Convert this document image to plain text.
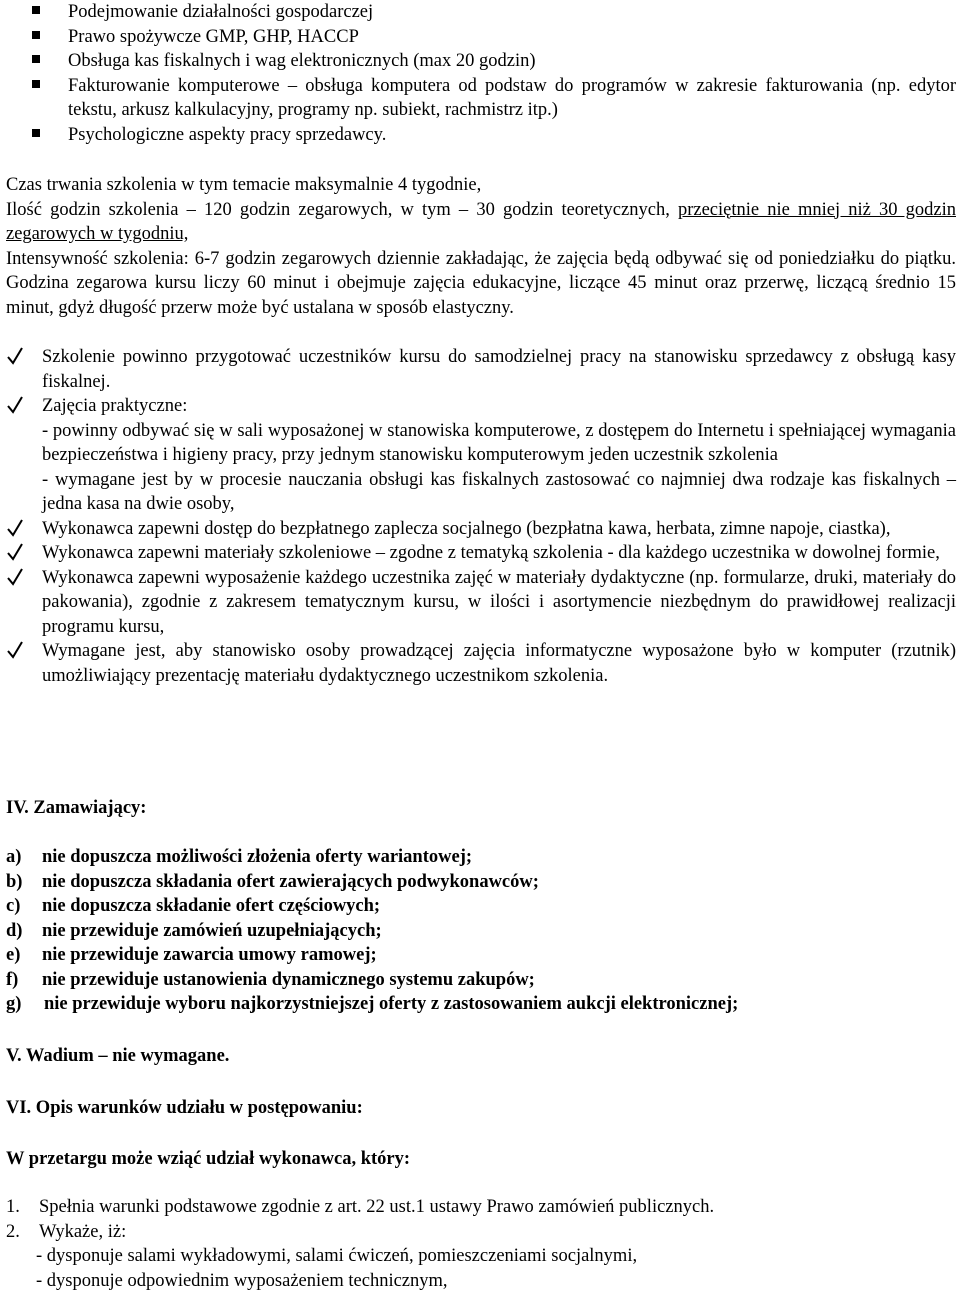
Podejmowanie działalności gospodarczej
Prawo spożywcze GMP, GHP, HACCP
Obsługa kas fiskalnych i wag elektronicznych (max 20 godzin)
Fakturowanie komputerowe – obsługa komputera od podstaw do programów w zakresie fakturowania (np. edytor tekstu, arkusz kalkulacyjny, programy np. subiekt, rachmistrz itp.)
Psychologiczne aspekty pracy sprzedawcy.
Czas trwania szkolenia w tym temacie maksymalnie 4 tygodnie,
Ilość godzin szkolenia – 120 godzin zegarowych, w tym – 30 godzin teoretycznych, przeciętnie nie mniej niż 30 godzin zegarowych w tygodniu,
Intensywność szkolenia: 6-7 godzin zegarowych dziennie zakładając, że zajęcia będą odbywać się od poniedziałku do piątku. Godzina zegarowa kursu liczy 60 minut i obejmuje zajęcia edukacyjne, liczące 45 minut oraz przerwę, liczącą średnio 15 minut, gdyż długość przerw może być ustalana w sposób elastyczny.
Szkolenie powinno przygotować uczestników kursu do samodzielnej pracy na stanowisku sprzedawcy z obsługą kasy fiskalnej.
Zajęcia praktyczne:
- powinny odbywać się w sali wyposażonej w stanowiska komputerowe, z dostępem do Internetu i spełniającej wymagania bezpieczeństwa i higieny pracy, przy jednym stanowisku komputerowym jeden uczestnik szkolenia
- wymagane jest by w procesie nauczania obsługi kas fiskalnych zastosować co najmniej dwa rodzaje kas fiskalnych – jedna kasa na dwie osoby,
Wykonawca zapewni dostęp do bezpłatnego zaplecza socjalnego (bezpłatna kawa, herbata, zimne napoje, ciastka),
Wykonawca zapewni materiały szkoleniowe – zgodne z tematyką szkolenia - dla każdego uczestnika w dowolnej formie,
Wykonawca zapewni wyposażenie każdego uczestnika zajęć w materiały dydaktyczne (np. formularze, druki, materiały do pakowania), zgodnie z zakresem tematycznym kursu, w ilości i asortymencie niezbędnym do prawidłowej realizacji programu kursu,
Wymagane jest, aby stanowisko osoby prowadzącej zajęcia informatyczne wyposażone było w komputer (rzutnik) umożliwiający prezentację materiału dydaktycznego uczestnikom szkolenia.
IV. Zamawiający:
a) nie dopuszcza możliwości złożenia oferty wariantowej;
b) nie dopuszcza składania ofert zawierających podwykonawców;
c) nie dopuszcza składanie ofert częściowych;
d) nie przewiduje zamówień uzupełniających;
e) nie przewiduje zawarcia umowy ramowej;
f) nie przewiduje ustanowienia dynamicznego systemu zakupów;
g) nie przewiduje wyboru najkorzystniejszej oferty z zastosowaniem aukcji elektronicznej;
V. Wadium – nie wymagane.
VI. Opis warunków udziału w postępowaniu:
W przetargu może wziąć udział wykonawca, który:
1. Spełnia warunki podstawowe zgodnie z art. 22 ust.1 ustawy Prawo zamówień publicznych.
2. Wykaże, iż:
- dysponuje salami wykładowymi, salami ćwiczeń, pomieszczeniami socjalnymi,
- dysponuje odpowiednim wyposażeniem technicznym,
